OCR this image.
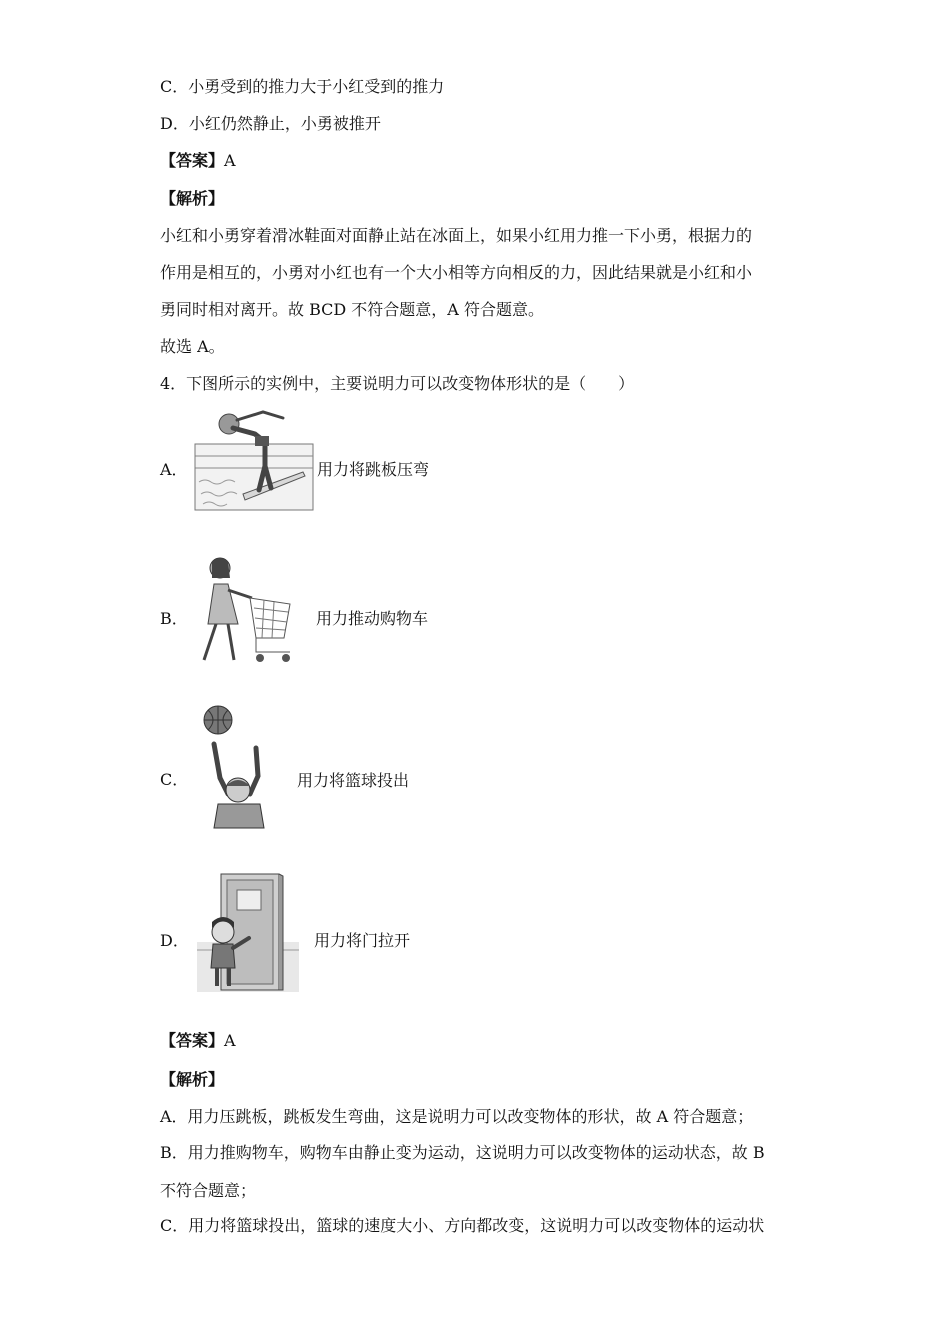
C．小勇受到的推力大于小红受到的推力
D．小红仍然静止，小勇被推开
【答案】A
【解析】
小红和小勇穿着滑冰鞋面对面静止站在冰面上，如果小红用力推一下小勇，根据力的
作用是相互的，小勇对小红也有一个大小相等方向相反的力，因此结果就是小红和小
勇同时相对离开。故 BCD 不符合题意，A 符合题意。
故选 A。
4．下图所示的实例中，主要说明力可以改变物体形状的是（　　）
A．	用力将跳板压弯
B．	用力推动购物车
C．	用力将篮球投出
D．	用力将门拉开
【答案】A
【解析】
A．用力压跳板，跳板发生弯曲，这是说明力可以改变物体的形状，故 A 符合题意；
B．用力推购物车，购物车由静止变为运动，这说明力可以改变物体的运动状态，故 B
不符合题意；
C．用力将篮球投出，篮球的速度大小、方向都改变，这说明力可以改变物体的运动状
